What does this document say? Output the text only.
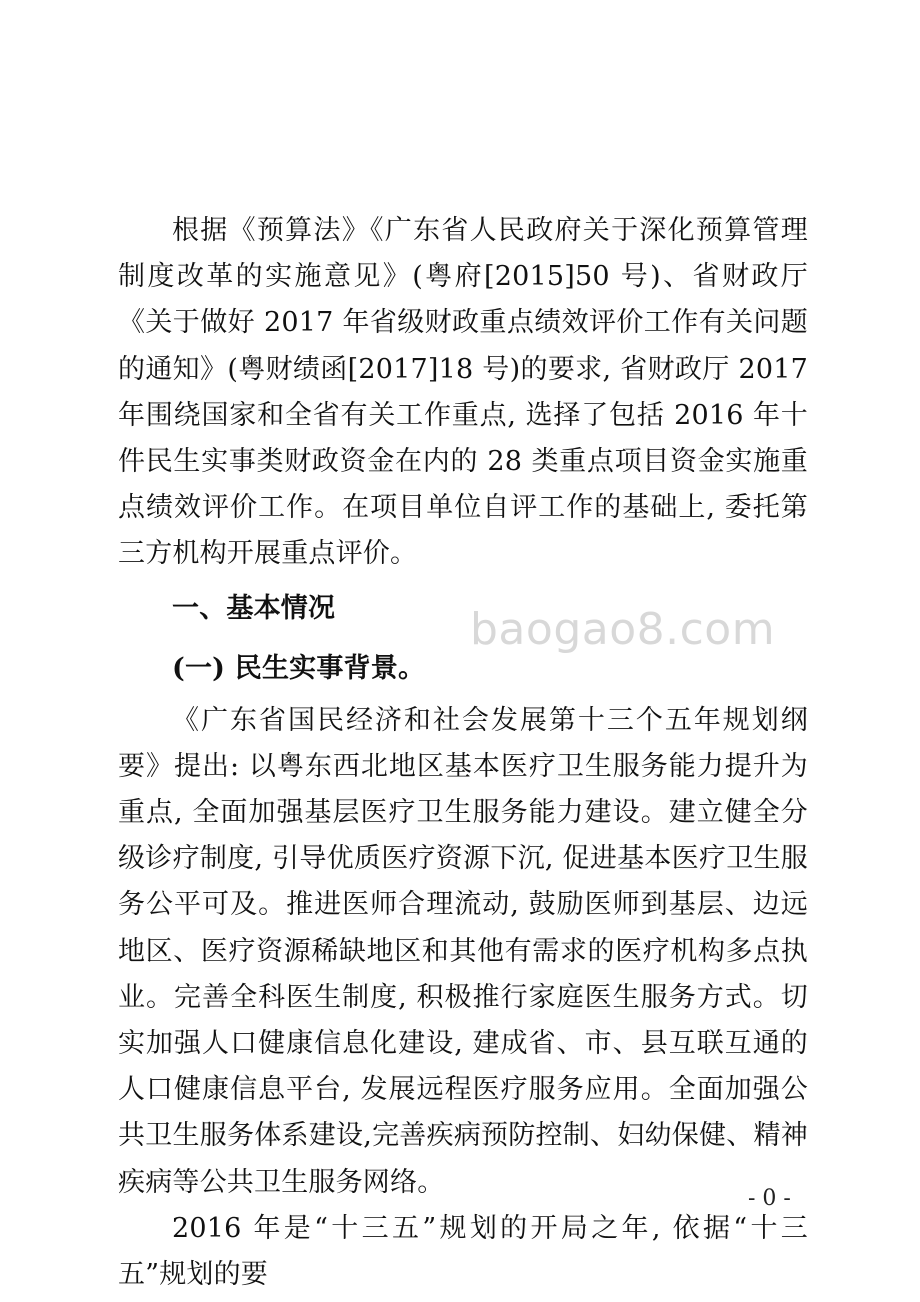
根据《预算法》《广东省人民政府关于深化预算管理制度改革的实施意见》(粤府[2015]50 号)、省财政厅《关于做好 2017 年省级财政重点绩效评价工作有关问题的通知》(粤财绩函[2017]18 号)的要求, 省财政厅 2017 年围绕国家和全省有关工作重点, 选择了包括 2016 年十件民生实事类财政资金在内的 28 类重点项目资金实施重点绩效评价工作。在项目单位自评工作的基础上, 委托第三方机构开展重点评价。

一、基本情况

(一) 民生实事背景。

《广东省国民经济和社会发展第十三个五年规划纲要》提出: 以粤东西北地区基本医疗卫生服务能力提升为重点, 全面加强基层医疗卫生服务能力建设。建立健全分级诊疗制度, 引导优质医疗资源下沉, 促进基本医疗卫生服务公平可及。推进医师合理流动, 鼓励医师到基层、边远地区、医疗资源稀缺地区和其他有需求的医疗机构多点执业。完善全科医生制度, 积极推行家庭医生服务方式。切实加强人口健康信息化建设, 建成省、市、县互联互通的人口健康信息平台, 发展远程医疗服务应用。全面加强公共卫生服务体系建设,完善疾病预防控制、妇幼保健、精神疾病等公共卫生服务网络。

2016 年是“十三五”规划的开局之年, 依据“十三五”规划的要

baogao8.com
- 0 -
